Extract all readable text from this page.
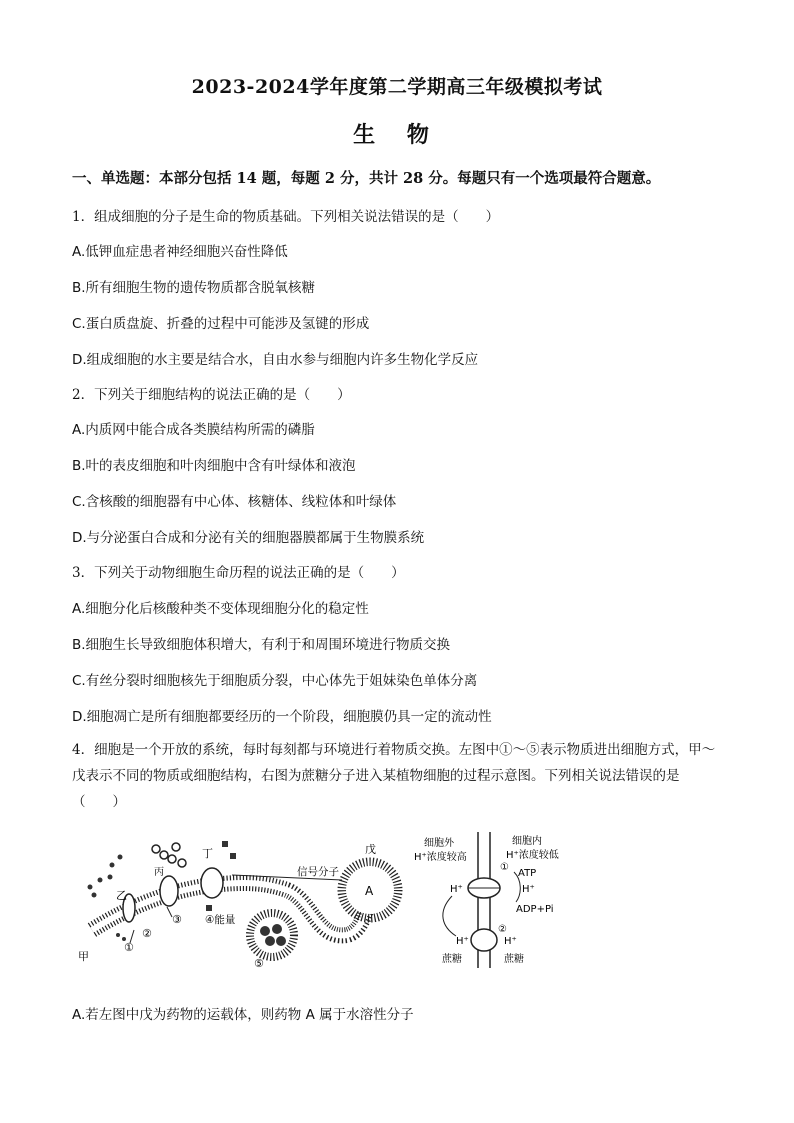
2023-2024学年度第二学期高三年级模拟考试
生 物
一、单选题：本部分包括 14 题，每题 2 分，共计 28 分。每题只有一个选项最符合题意。
1．组成细胞的分子是生命的物质基础。下列相关说法错误的是（　　）
A.低钾血症患者神经细胞兴奋性降低
B.所有细胞生物的遗传物质都含脱氧核糖
C.蛋白质盘旋、折叠的过程中可能涉及氢键的形成
D.组成细胞的水主要是结合水，自由水参与细胞内许多生物化学反应
2．下列关于细胞结构的说法正确的是（　　）
A.内质网中能合成各类膜结构所需的磷脂
B.叶的表皮细胞和叶肉细胞中含有叶绿体和液泡
C.含核酸的细胞器有中心体、核糖体、线粒体和叶绿体
D.与分泌蛋白合成和分泌有关的细胞器膜都属于生物膜系统
3．下列关于动物细胞生命历程的说法正确的是（　　）
A.细胞分化后核酸种类不变体现细胞分化的稳定性
B.细胞生长导致细胞体积增大，有利于和周围环境进行物质交换
C.有丝分裂时细胞核先于细胞质分裂，中心体先于姐妹染色单体分离
D.细胞凋亡是所有细胞都要经历的一个阶段，细胞膜仍具一定的流动性
4．细胞是一个开放的系统，每时每刻都与环境进行着物质交换。左图中①～⑤表示物质进出细胞方式，甲～戊表示不同的物质或细胞结构，右图为蔗糖分子进入某植物细胞的过程示意图。下列相关说法错误的是（　　）
A
戊
甲
乙
丙
丁
信号分子
④能量
①
②
③
⑤
细胞外
H⁺浓度较高
细胞内
H⁺浓度较低
H⁺	H⁺
H⁺	H⁺
ATP
ADP+Pi
①
②
蔗糖	蔗糖
A.若左图中戊为药物的运载体，则药物 A 属于水溶性分子
